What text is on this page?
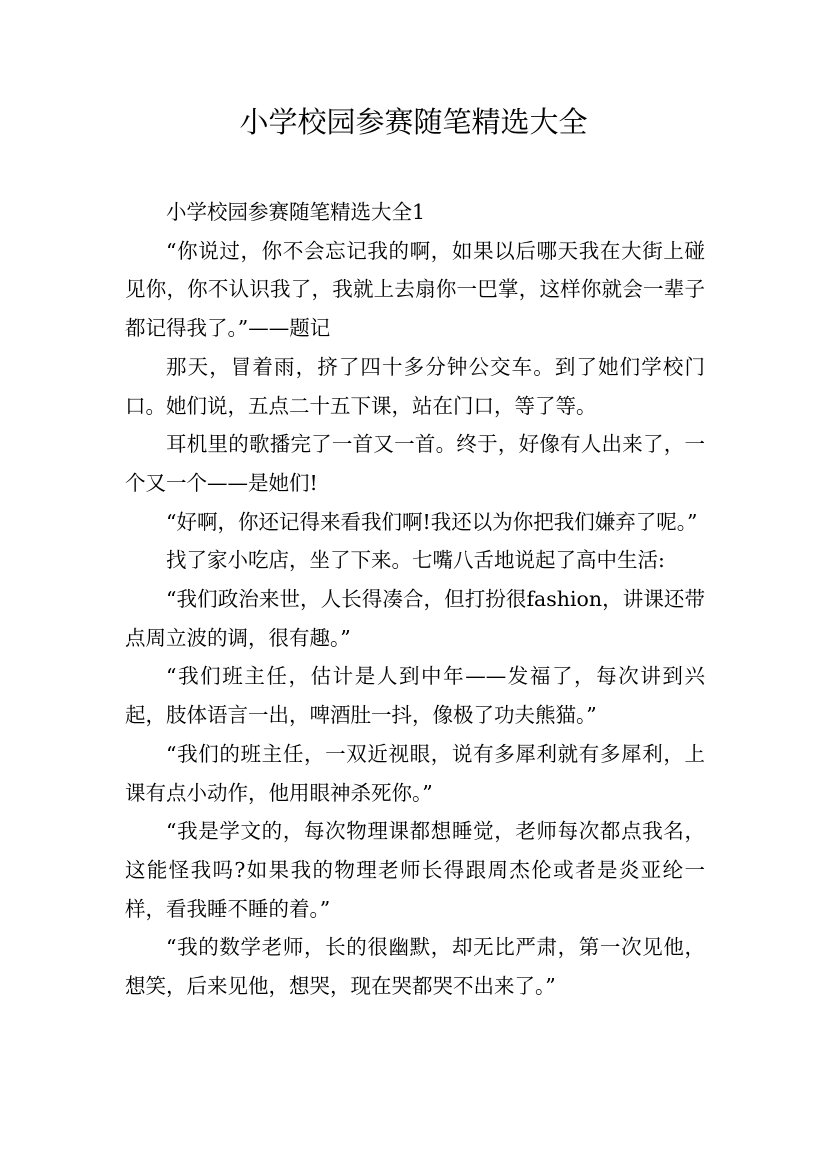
小学校园参赛随笔精选大全

小学校园参赛随笔精选大全1

“你说过，你不会忘记我的啊，如果以后哪天我在大街上碰见你，你不认识我了，我就上去扇你一巴掌，这样你就会一辈子都记得我了。”——题记

那天，冒着雨，挤了四十多分钟公交车。到了她们学校门口。她们说，五点二十五下课，站在门口，等了等。

耳机里的歌播完了一首又一首。终于，好像有人出来了，一个又一个——是她们!

“好啊，你还记得来看我们啊!我还以为你把我们嫌弃了呢。”

找了家小吃店，坐了下来。七嘴八舌地说起了高中生活:

“我们政治来世，人长得凑合，但打扮很fashion，讲课还带点周立波的调，很有趣。”

“我们班主任，估计是人到中年——发福了，每次讲到兴起，肢体语言一出，啤酒肚一抖，像极了功夫熊猫。”

“我们的班主任，一双近视眼，说有多犀利就有多犀利，上课有点小动作，他用眼神杀死你。”

“我是学文的，每次物理课都想睡觉，老师每次都点我名，这能怪我吗?如果我的物理老师长得跟周杰伦或者是炎亚纶一样，看我睡不睡的着。”

“我的数学老师，长的很幽默，却无比严肃，第一次见他，想笑，后来见他，想哭，现在哭都哭不出来了。”
